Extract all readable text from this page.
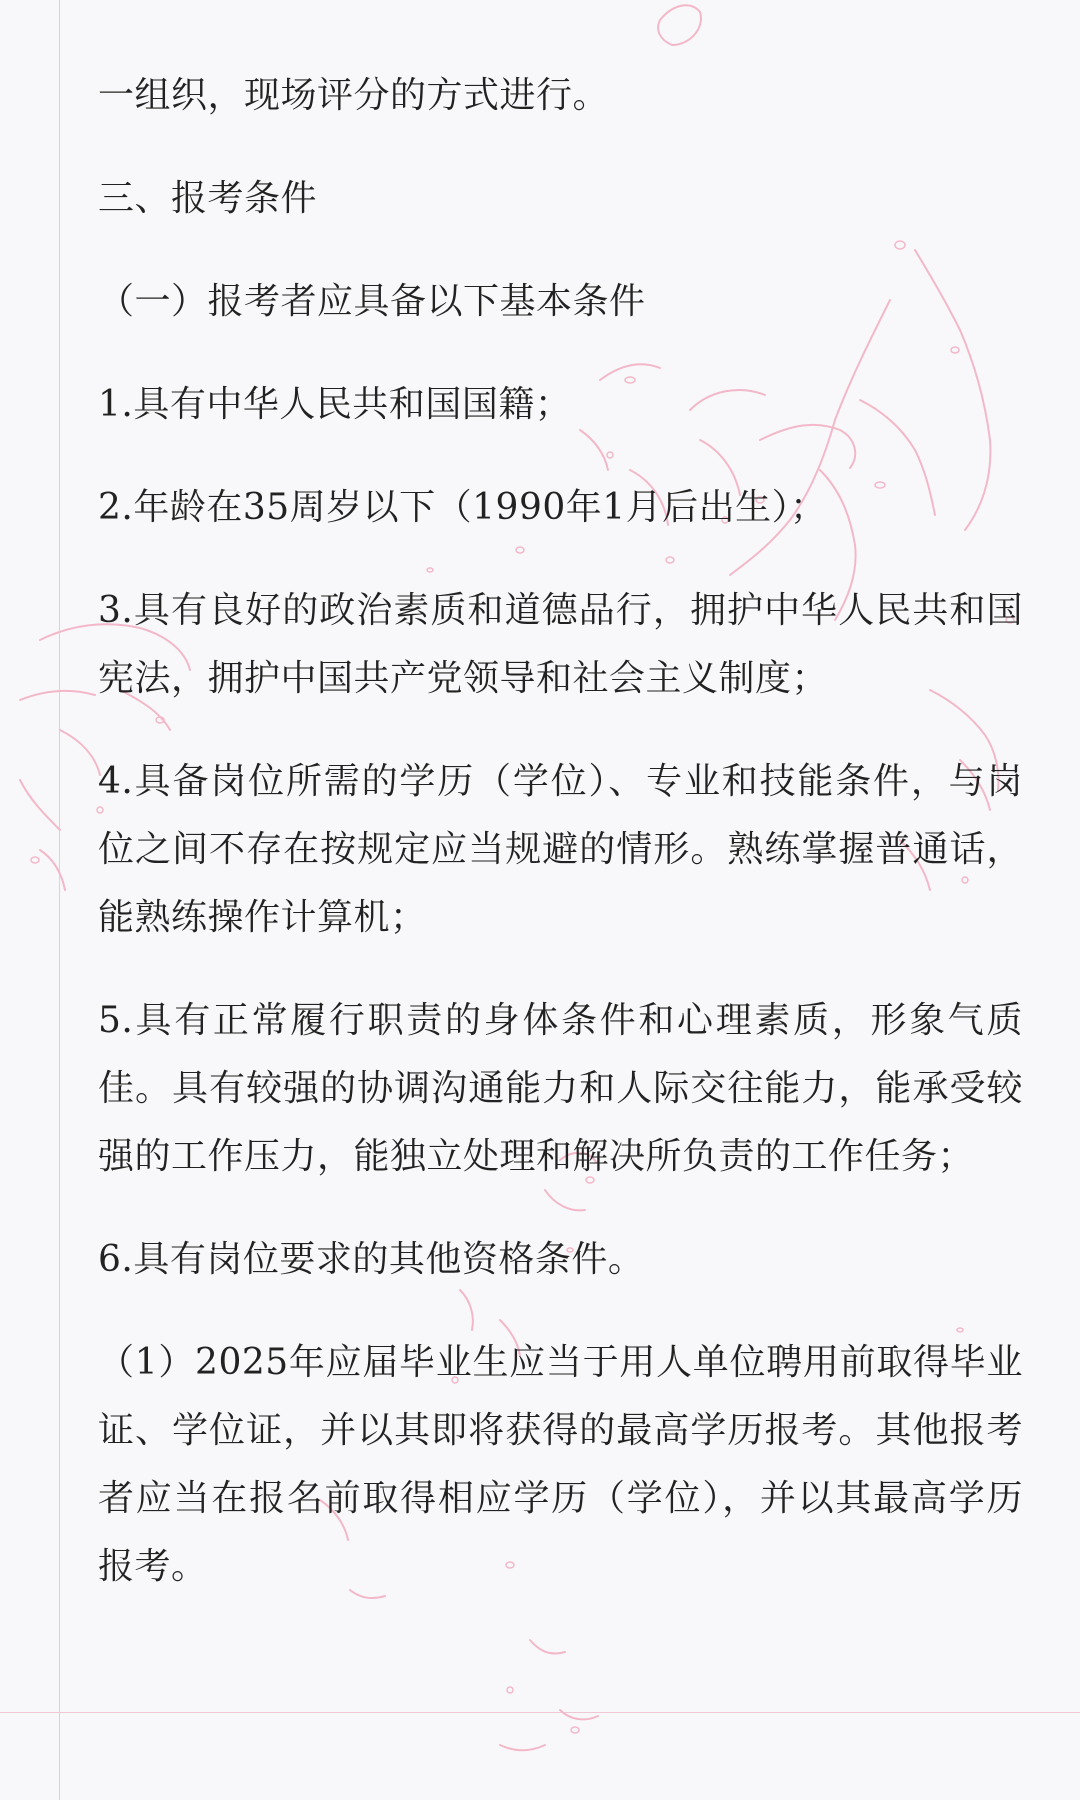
一组织，现场评分的方式进行。

三、报考条件

（一）报考者应具备以下基本条件

1.具有中华人民共和国国籍；

2.年龄在35周岁以下（1990年1月后出生）；

3.具有良好的政治素质和道德品行，拥护中华人民共和国宪法，拥护中国共产党领导和社会主义制度；

4.具备岗位所需的学历（学位）、专业和技能条件，与岗位之间不存在按规定应当规避的情形。熟练掌握普通话，能熟练操作计算机；

5.具有正常履行职责的身体条件和心理素质，形象气质佳。具有较强的协调沟通能力和人际交往能力，能承受较强的工作压力，能独立处理和解决所负责的工作任务；

6.具有岗位要求的其他资格条件。

（1）2025年应届毕业生应当于用人单位聘用前取得毕业证、学位证，并以其即将获得的最高学历报考。其他报考者应当在报名前取得相应学历（学位），并以其最高学历报考。
